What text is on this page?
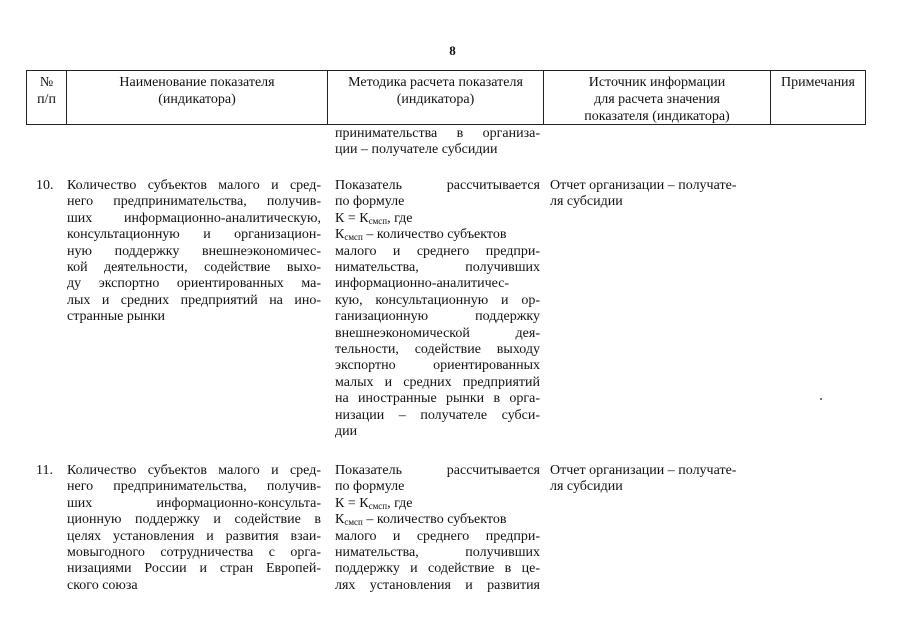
8
№
п/п
Наименование показателя
(индикатора)
Методика расчета показателя
(индикатора)
Источник информации
для расчета значения
показателя (индикатора)
Примечания
принимательства в организа-
ции – получателе субсидии
10. Количество субъектов малого и сред-
него предпринимательства, получив-
ших информационно-аналитическую,
консультационную и организацион-
ную поддержку внешнеэкономичес-
кой деятельности, содействие выхо-
ду экспортно ориентированных ма-
лых и средних предприятий на ино-
странные рынки
Показатель рассчитывается
по формуле
$К = К_{смсп}$, где
$К_{смсп}$ – количество субъектов
малого и среднего предпри-
нимательства, получивших
информационно-аналитичес-
кую, консультационную и ор-
ганизационную поддержку
внешнеэкономической дея-
тельности, содействие выходу
экспортно ориентированных
малых и средних предприятий
на иностранные рынки в орга-
низации – получателе субси-
дии
Отчет организации – получате-
ля субсидии
11.	Количество субъектов малого и сред-
него предпринимательства, получив-
ших информационно-консульта-
ционную поддержку и содействие в
целях установления и развития взаи-
мовыгодного сотрудничества с орга-
низациями России и стран Европей-
ского союза
Показатель рассчитывается
по формуле
$К = К_{смсп}$, где
$К_{смсп}$ – количество субъектов
малого и среднего предпри-
нимательства, получивших
поддержку и содействие в це-
лях установления и развития
Отчет организации – получате-
ля субсидии
